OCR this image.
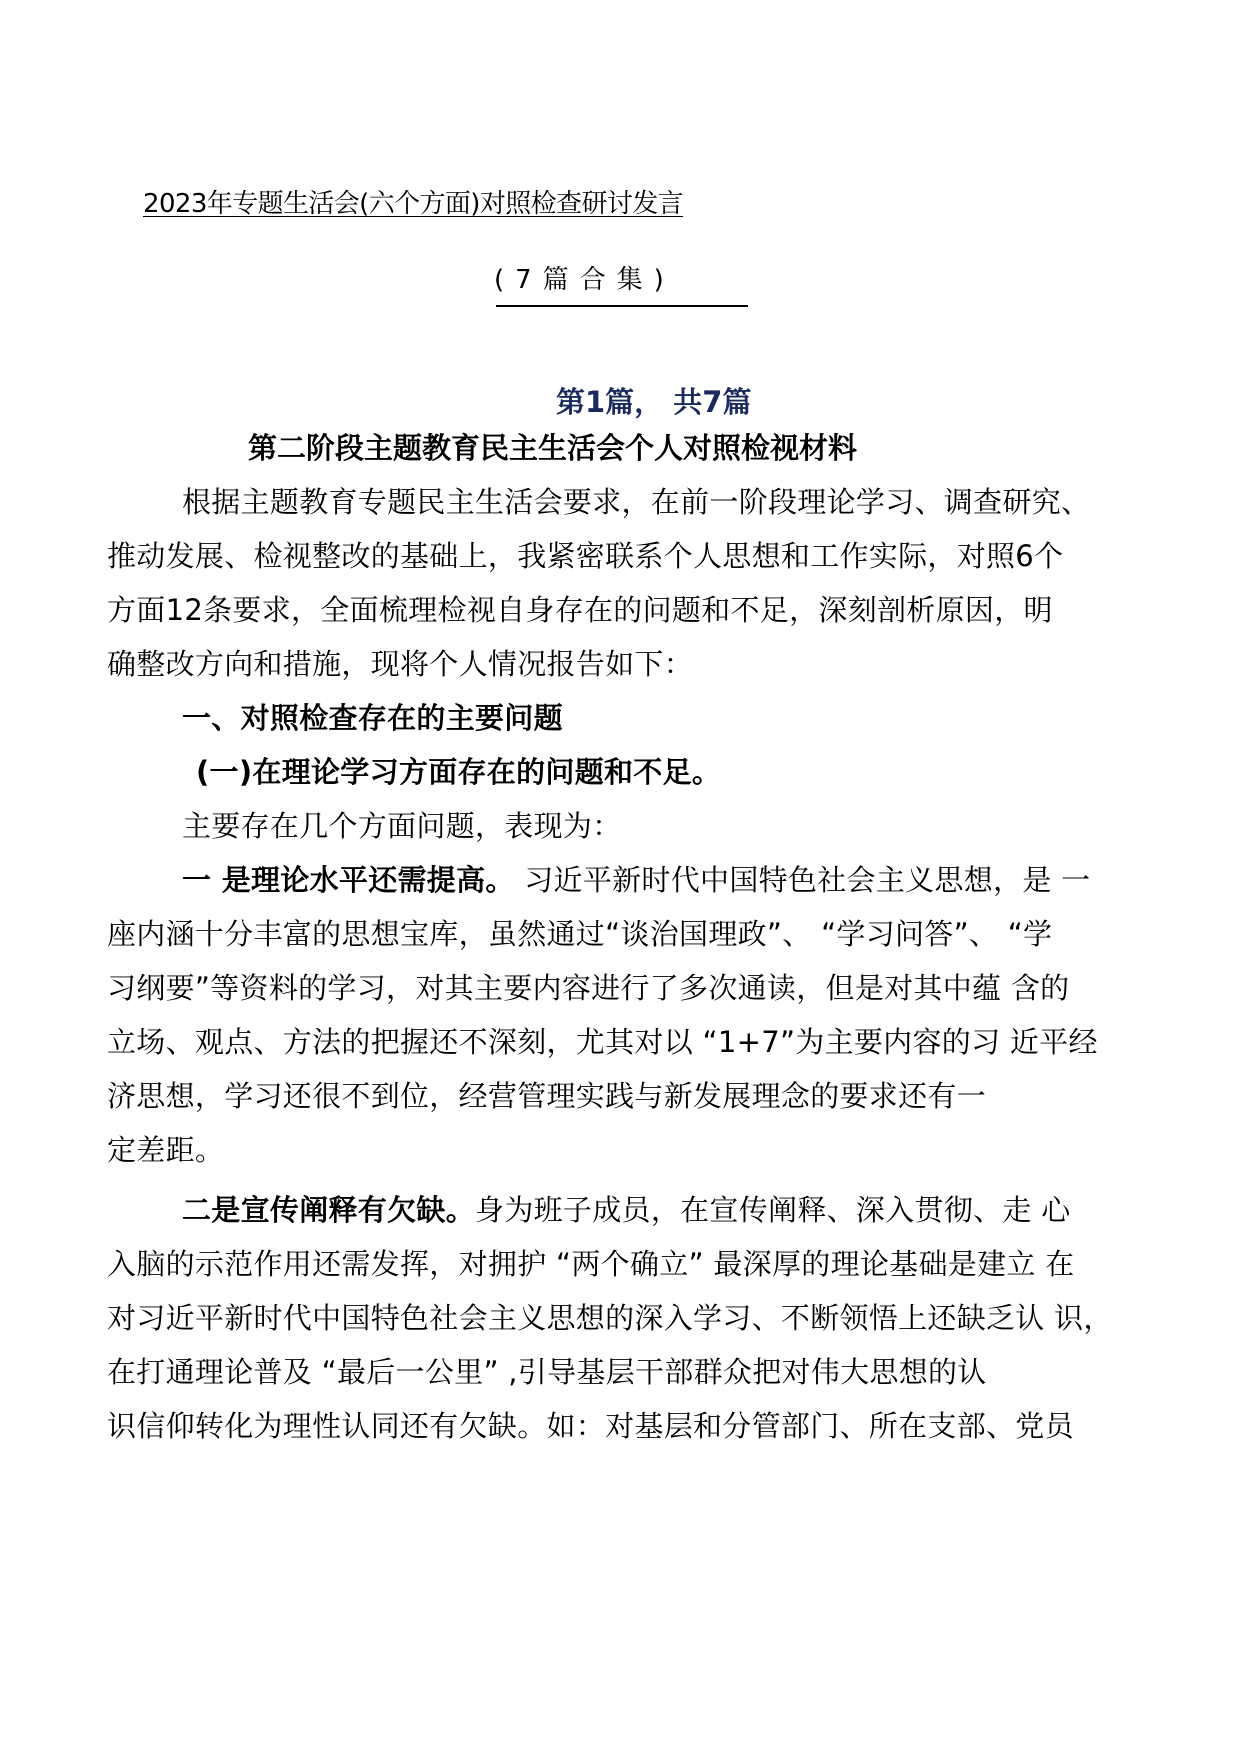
2023年专题生活会(六个方面)对照检查研讨发言
(7篇合集)
第1篇， 共7篇
第二阶段主题教育民主生活会个人对照检视材料
根据主题教育专题民主生活会要求，在前一阶段理论学习、调查研究、
推动发展、检视整改的基础上，我紧密联系个人思想和工作实际，对照6个
方面12条要求，全面梳理检视自身存在的问题和不足，深刻剖析原因，明
确整改方向和措施，现将个人情况报告如下：
一、对照检查存在的主要问题
(一)在理论学习方面存在的问题和不足。
主要存在几个方面问题，表现为：
一 是理论水平还需提高。 习近平新时代中国特色社会主义思想，是 一
座内涵十分丰富的思想宝库，虽然通过“谈治国理政”、 “学习问答”、 “学
习纲要”等资料的学习，对其主要内容进行了多次通读，但是对其中蕴 含的
立场、观点、方法的把握还不深刻，尤其对以 “1+7”为主要内容的习 近平经
济思想，学习还很不到位，经营管理实践与新发展理念的要求还有一
定差距。
二是宣传阐释有欠缺。身为班子成员，在宣传阐释、深入贯彻、走 心
入脑的示范作用还需发挥，对拥护 “两个确立” 最深厚的理论基础是建立 在
对习近平新时代中国特色社会主义思想的深入学习、不断领悟上还缺乏认 识，
在打通理论普及 “最后一公里” ,引导基层干部群众把对伟大思想的认
识信仰转化为理性认同还有欠缺。如：对基层和分管部门、所在支部、党员
